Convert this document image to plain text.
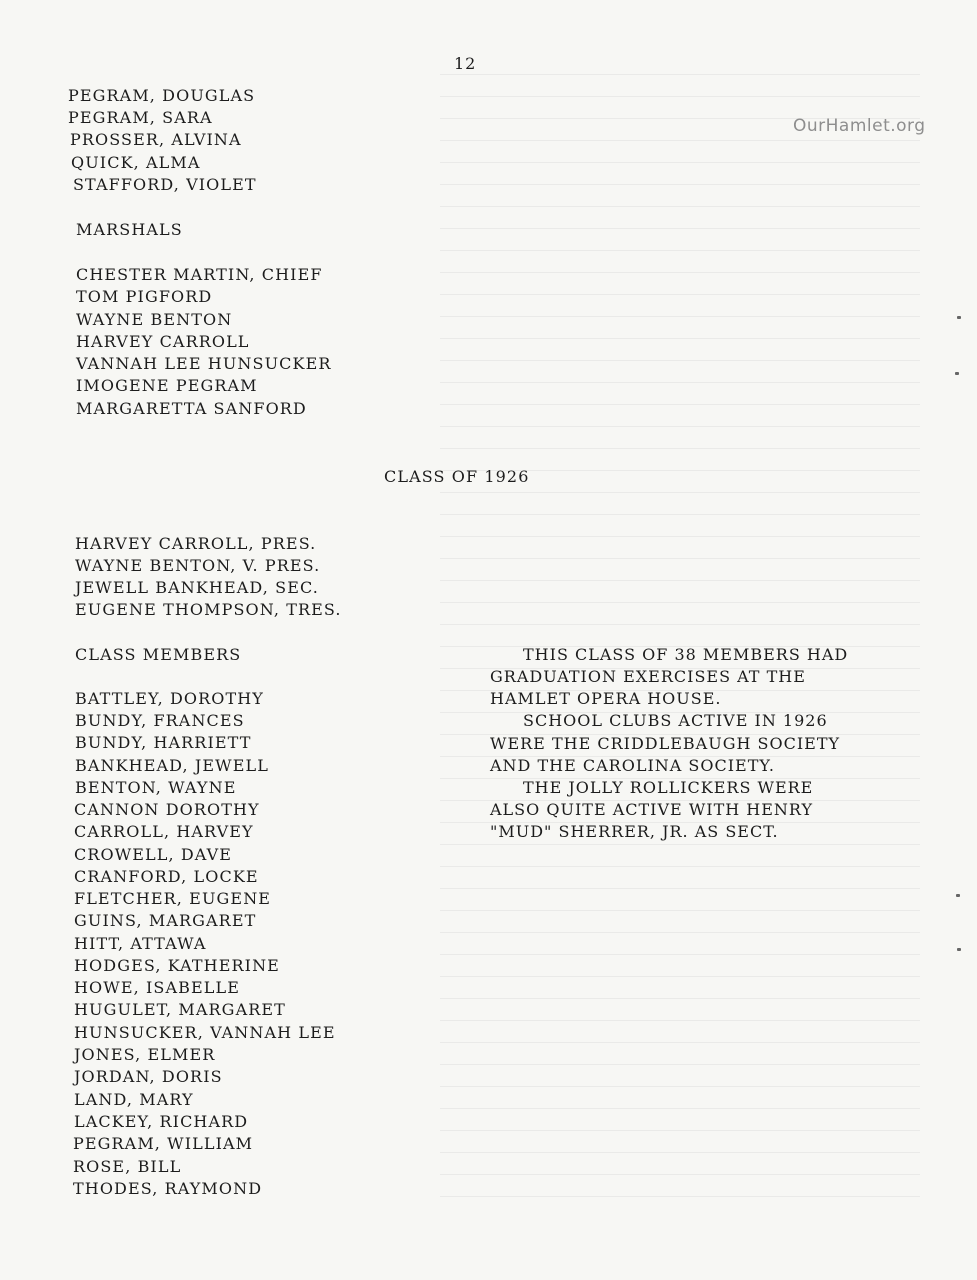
12
OurHamlet.org
PEGRAM, DOUGLAS
PEGRAM, SARA
PROSSER, ALVINA
QUICK, ALMA
STAFFORD, VIOLET
MARSHALS
CHESTER MARTIN, CHIEF
TOM PIGFORD
WAYNE BENTON
HARVEY CARROLL
VANNAH LEE HUNSUCKER
IMOGENE PEGRAM
MARGARETTA SANFORD
CLASS OF 1926
HARVEY CARROLL, PRES.
WAYNE BENTON, V. PRES.
JEWELL BANKHEAD, SEC.
EUGENE THOMPSON, TRES.
CLASS MEMBERS
BATTLEY, DOROTHY
BUNDY, FRANCES
BUNDY, HARRIETT
BANKHEAD, JEWELL
BENTON, WAYNE
CANNON DOROTHY
CARROLL, HARVEY
CROWELL, DAVE
CRANFORD, LOCKE
FLETCHER, EUGENE
GUINS, MARGARET
HITT, ATTAWA
HODGES, KATHERINE
HOWE, ISABELLE
HUGULET, MARGARET
HUNSUCKER, VANNAH LEE
JONES, ELMER
JORDAN, DORIS
LAND, MARY
LACKEY, RICHARD
PEGRAM, WILLIAM
ROSE, BILL
THODES, RAYMOND
THIS CLASS OF 38 MEMBERS HAD
GRADUATION EXERCISES AT THE
HAMLET OPERA HOUSE.
SCHOOL CLUBS ACTIVE IN 1926
WERE THE CRIDDLEBAUGH SOCIETY
AND THE CAROLINA SOCIETY.
THE JOLLY ROLLICKERS WERE
ALSO QUITE ACTIVE WITH HENRY
"MUD" SHERRER, JR. AS SECT.
